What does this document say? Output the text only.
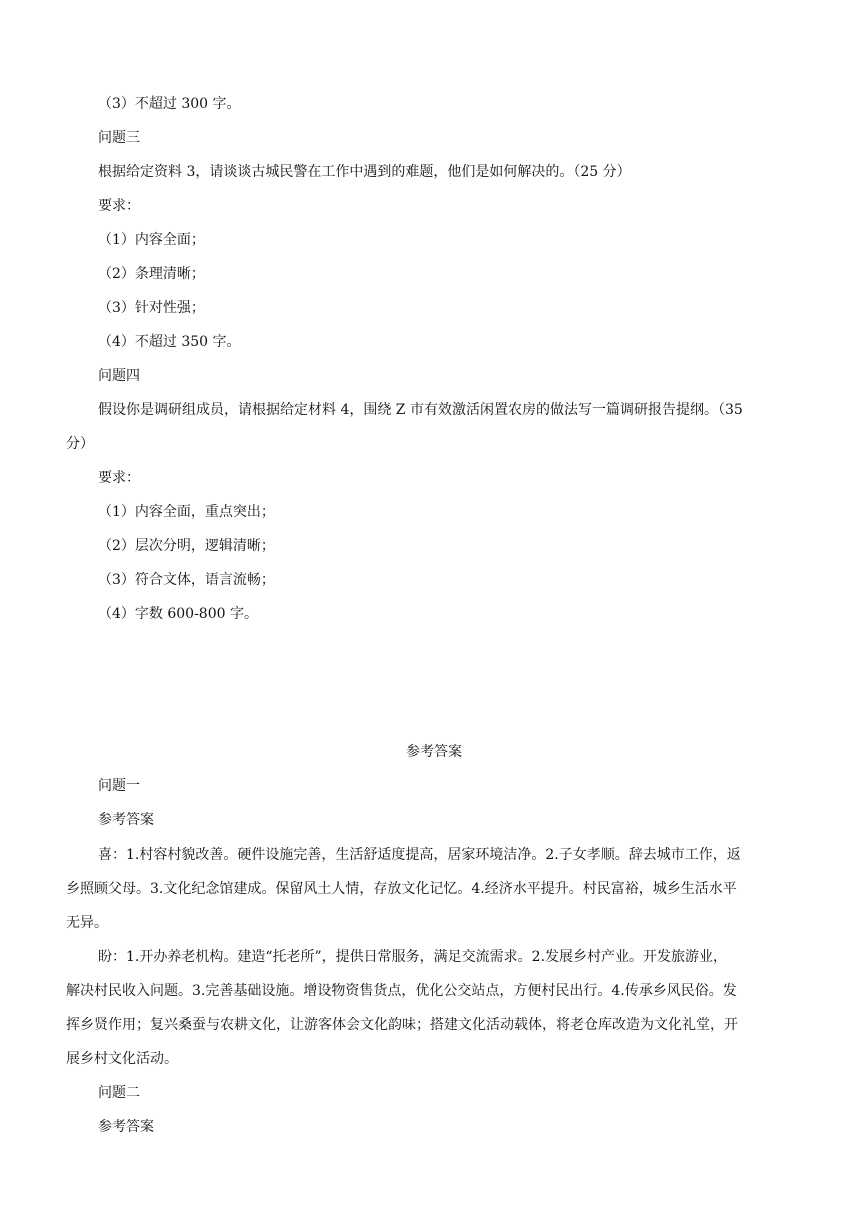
（3）不超过 300 字。
问题三
根据给定资料 3，请谈谈古城民警在工作中遇到的难题，他们是如何解决的。（25 分）
要求：
（1）内容全面；
（2）条理清晰；
（3）针对性强；
（4）不超过 350 字。
问题四
假设你是调研组成员，请根据给定材料 4，围绕 Z 市有效激活闲置农房的做法写一篇调研报告提纲。（35
分）
要求：
（1）内容全面，重点突出；
（2）层次分明，逻辑清晰；
（3）符合文体，语言流畅；
（4）字数 600-800 字。
参考答案
问题一
参考答案
喜：1.村容村貌改善。硬件设施完善，生活舒适度提高，居家环境洁净。2.子女孝顺。辞去城市工作，返
乡照顾父母。3.文化纪念馆建成。保留风土人情，存放文化记忆。4.经济水平提升。村民富裕，城乡生活水平
无异。
盼：1.开办养老机构。建造“托老所”，提供日常服务，满足交流需求。2.发展乡村产业。开发旅游业，
解决村民收入问题。3.完善基础设施。增设物资售货点，优化公交站点，方便村民出行。4.传承乡风民俗。发
挥乡贤作用；复兴桑蚕与农耕文化，让游客体会文化韵味；搭建文化活动载体，将老仓库改造为文化礼堂，开
展乡村文化活动。
问题二
参考答案
